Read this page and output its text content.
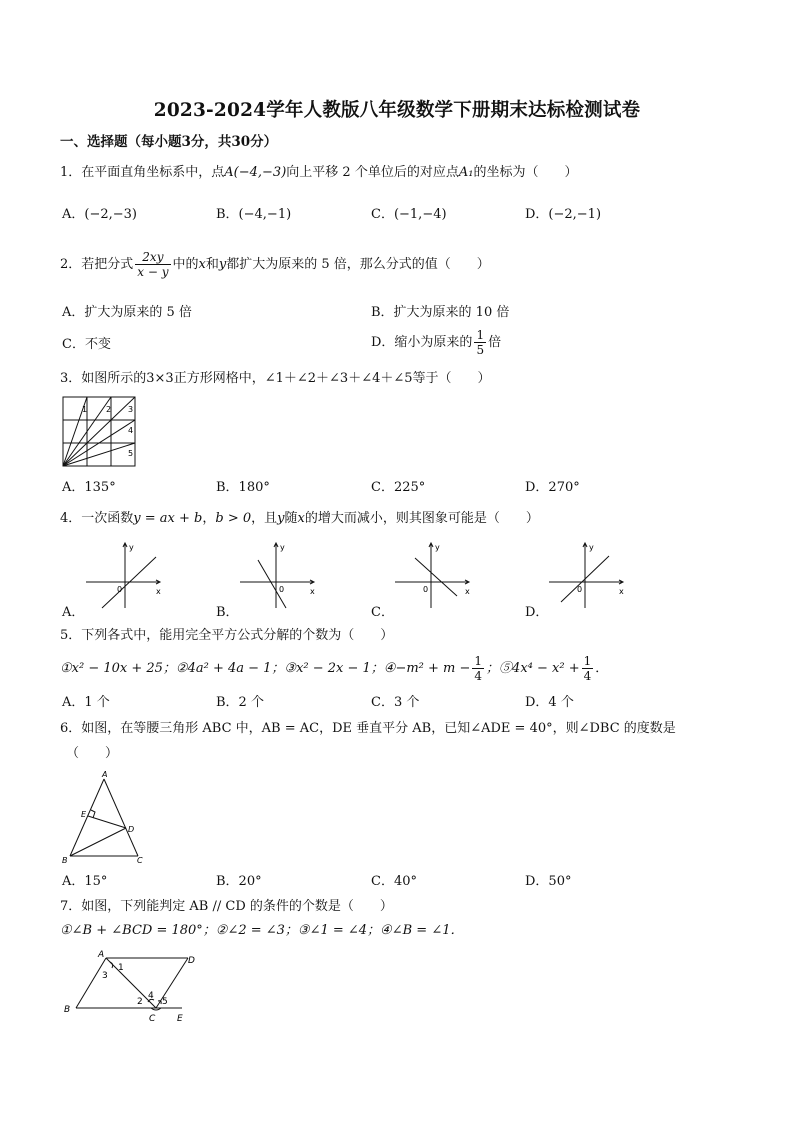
2023-2024学年人教版八年级数学下册期末达标检测试卷
一、选择题（每小题3分，共30分）
1．在平面直角坐标系中，点A(−4,−3)向上平移 2 个单位后的对应点A₁的坐标为（　　）
A．(−2,−3)	B．(−4,−1)	C．(−1,−4)	D．(−2,−1)
2．若把分式 $\frac{2xy}{x - y}$ 中的x和y都扩大为原来的 5 倍，那么分式的值（　　）
A．扩大为原来的 5 倍	B．扩大为原来的 10 倍
C．不变	D．缩小为原来的 $\frac{1}{5}$ 倍
3．如图所示的3×3正方形网格中，∠1＋∠2＋∠3＋∠4＋∠5等于（　　）
1 2 3
4
5
A．135°	B．180°	C．225°	D．270°
4．一次函数y = ax + b，b > 0，且y随x的增大而减小，则其图象可能是（　　）
y
x
0
A．
y
x
0
B．
y
x
0
C．
y
x
0
D．
5．下列各式中，能用完全平方公式分解的个数为（　　）
①x² − 10x + 25；②4a² + 4a − 1；③x² − 2x − 1；④−m² + $m - \frac{1}{4}$ ；⑤4x⁴ − $x^2 + \frac{1}{4}$ ．
A．1 个	B．2 个	C．3 个	D．4 个
6．如图，在等腰三角形 ABC 中，AB = AC，DE 垂直平分 AB，已知∠ADE = 40°，则∠DBC 的度数是
（　　）
A
E
D
B	C
A．15°	B．20°	C．40°	D．50°
7．如图，下列能判定 AB // CD 的条件的个数是（　　）
①∠B + ∠BCD = 180°；②∠2 = ∠3；③∠1 = ∠4；④∠B = ∠1．
A
D
B
C E
1
3
2
4
5
